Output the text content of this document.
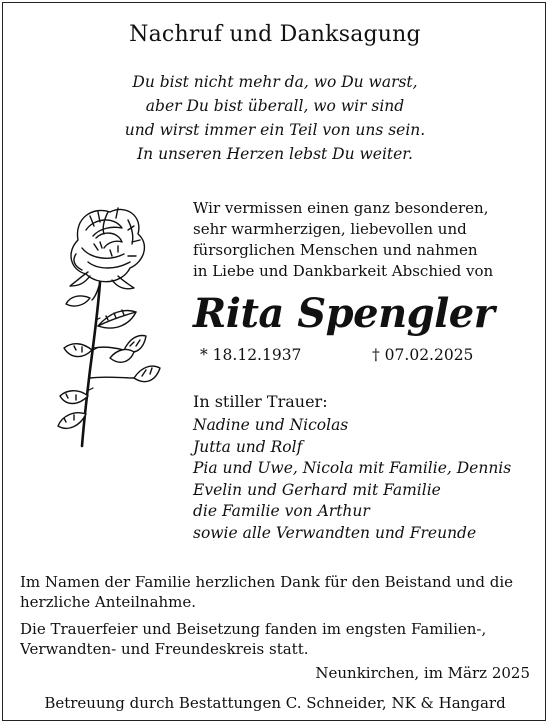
Nachruf und Danksagung
Du bist nicht mehr da, wo Du warst,
aber Du bist überall, wo wir sind
und wirst immer ein Teil von uns sein.
In unseren Herzen lebst Du weiter.
Wir vermissen einen ganz besonderen,
sehr warmherzigen, liebevollen und
fürsorglichen Menschen und nahmen
in Liebe und Dankbarkeit Abschied von
Rita Spengler
* 18.12.1937	† 07.02.2025
In stiller Trauer:
Nadine und Nicolas
Jutta und Rolf
Pia und Uwe, Nicola mit Familie, Dennis
Evelin und Gerhard mit Familie
die Familie von Arthur
sowie alle Verwandten und Freunde
Im Namen der Familie herzlichen Dank für den Beistand und die
herzliche Anteilnahme.
Die Trauerfeier und Beisetzung fanden im engsten Familien-,
Verwandten- und Freundeskreis statt.
Neunkirchen, im März 2025
Betreuung durch Bestattungen C. Schneider, NK & Hangard
